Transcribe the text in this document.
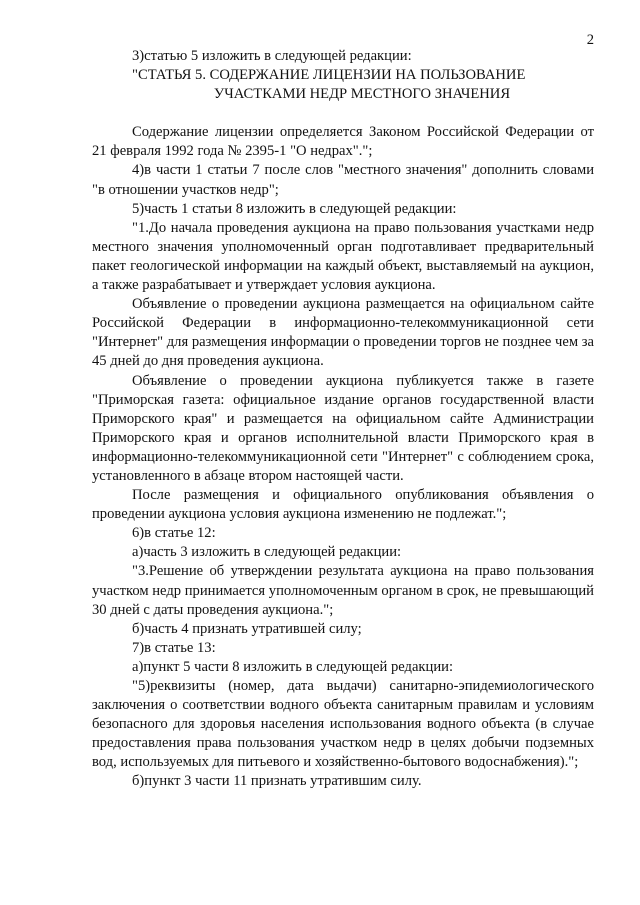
2

3)статью 5 изложить в следующей редакции:

"СТАТЬЯ 5. СОДЕРЖАНИЕ ЛИЦЕНЗИИ НА ПОЛЬЗОВАНИЕ

УЧАСТКАМИ НЕДР МЕСТНОГО ЗНАЧЕНИЯ

Содержание лицензии определяется Законом Российской Федерации от 21 февраля 1992 года № 2395-1 "О недрах".";

4)в части 1 статьи 7 после слов "местного значения" дополнить словами "в отношении участков недр";

5)часть 1 статьи 8 изложить в следующей редакции:

"1.До начала проведения аукциона на право пользования участками недр местного значения уполномоченный орган подготавливает предварительный пакет геологической информации на каждый объект, выставляемый на аукцион, а также разрабатывает и утверждает условия аукциона.

Объявление о проведении аукциона размещается на официальном сайте Российской Федерации в информационно-телекоммуникационной сети "Интернет" для размещения информации о проведении торгов не позднее чем за 45 дней до дня проведения аукциона.

Объявление о проведении аукциона публикуется также в газете "Приморская газета: официальное издание органов государственной власти Приморского края" и размещается на официальном сайте Администрации Приморского края и органов исполнительной власти Приморского края в информационно-телекоммуникационной сети "Интернет" с соблюдением срока, установленного в абзаце втором настоящей части.

После размещения и официального опубликования объявления о проведении аукциона условия аукциона изменению не подлежат.";

6)в статье 12:

а)часть 3 изложить в следующей редакции:

"3.Решение об утверждении результата аукциона на право пользования участком недр принимается уполномоченным органом в срок, не превышающий 30 дней с даты проведения аукциона.";

б)часть 4 признать утратившей силу;

7)в статье 13:

а)пункт 5 части 8 изложить в следующей редакции:

"5)реквизиты (номер, дата выдачи) санитарно-эпидемиологического заключения о соответствии водного объекта санитарным правилам и условиям безопасного для здоровья населения использования водного объекта (в случае предоставления права пользования участком недр в целях добычи подземных вод, используемых для питьевого и хозяйственно-бытового водоснабжения).";

б)пункт 3 части 11 признать утратившим силу.
